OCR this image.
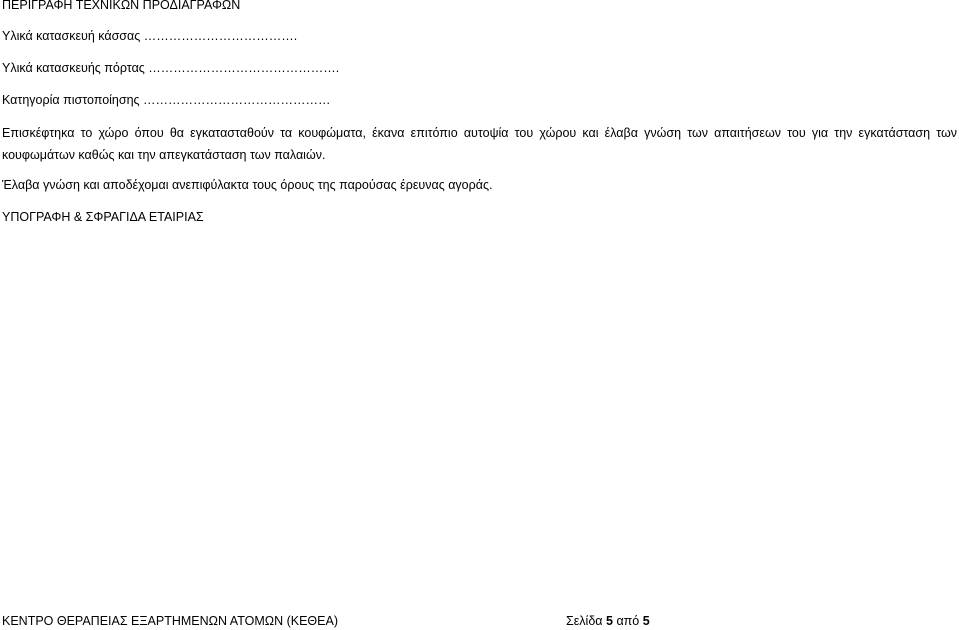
ΠΕΡΙΓΡΑΦΗ ΤΕΧΝΙΚΩΝ ΠΡΟΔΙΑΓΡΑΦΩΝ
Υλικά κατασκευή κάσσας ……………………………….
Υλικά κατασκευής πόρτας ……………………………………….
Κατηγορία πιστοποίησης ………………………………………
Επισκέφτηκα το χώρο όπου θα εγκατασταθούν τα κουφώματα, έκανα επιτόπιο αυτοψία του χώρου και έλαβα γνώση των απαιτήσεων του για την εγκατάσταση των κουφωμάτων καθώς και την απεγκατάσταση των παλαιών.
Έλαβα γνώση και αποδέχομαι ανεπιφύλακτα τους όρους της παρούσας έρευνας αγοράς.
ΥΠΟΓΡΑΦΗ & ΣΦΡΑΓΙΔΑ ΕΤΑΙΡΙΑΣ
ΚΕΝΤΡΟ ΘΕΡΑΠΕΙΑΣ ΕΞΑΡΤΗΜΕΝΩΝ ΑΤΟΜΩΝ (ΚΕΘΕΑ)	Σελίδα 5 από 5
